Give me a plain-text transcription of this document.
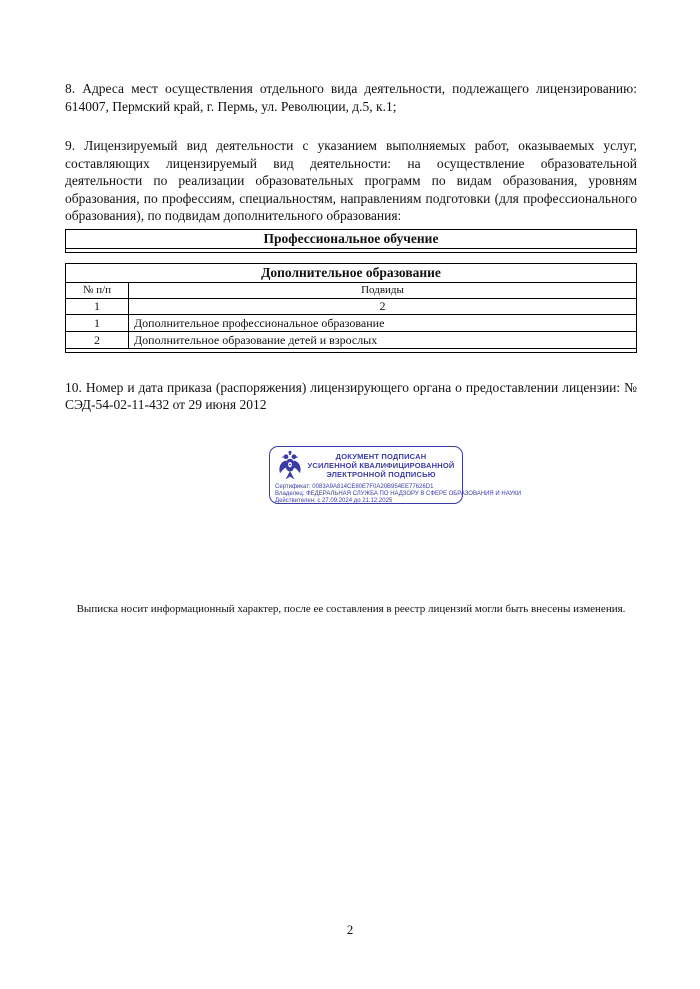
8. Адреса мест осуществления отдельного вида деятельности, подлежащего лицензированию: 614007, Пермский край, г. Пермь, ул. Революции, д.5, к.1;

9. Лицензируемый вид деятельности с указанием выполняемых работ, оказываемых услуг, составляющих лицензируемый вид деятельности: на осуществление образовательной деятельности по реализации образовательных программ по видам образования, уровням образования, по профессиям, специальностям, направлениям подготовки (для профессионального образования), по подвидам дополнительного образования:

Профессиональное обучение

Дополнительное образование	
№ п/п	Подвиды
1	2
1	Дополнительное профессиональное образование
2	Дополнительное образование детей и взрослых

10. Номер и дата приказа (распоряжения) лицензирующего органа о предоставлении лицензии: № СЭД-54-02-11-432 от 29 июня 2012

ДОКУМЕНТ ПОДПИСАН
УСИЛЕННОЙ КВАЛИФИЦИРОВАННОЙ
ЭЛЕКТРОННОЙ ПОДПИСЬЮ
Сертификат: 0083A9A814CE80E7F0A20B954EE77626D1
Владелец: ФЕДЕРАЛЬНАЯ СЛУЖБА ПО НАДЗОРУ В СФЕРЕ ОБРАЗОВАНИЯ И НАУКИ
Действителен: с 27.09.2024 до 21.12.2025

Выписка носит информационный характер, после ее составления в реестр лицензий могли быть внесены изменения.

2
